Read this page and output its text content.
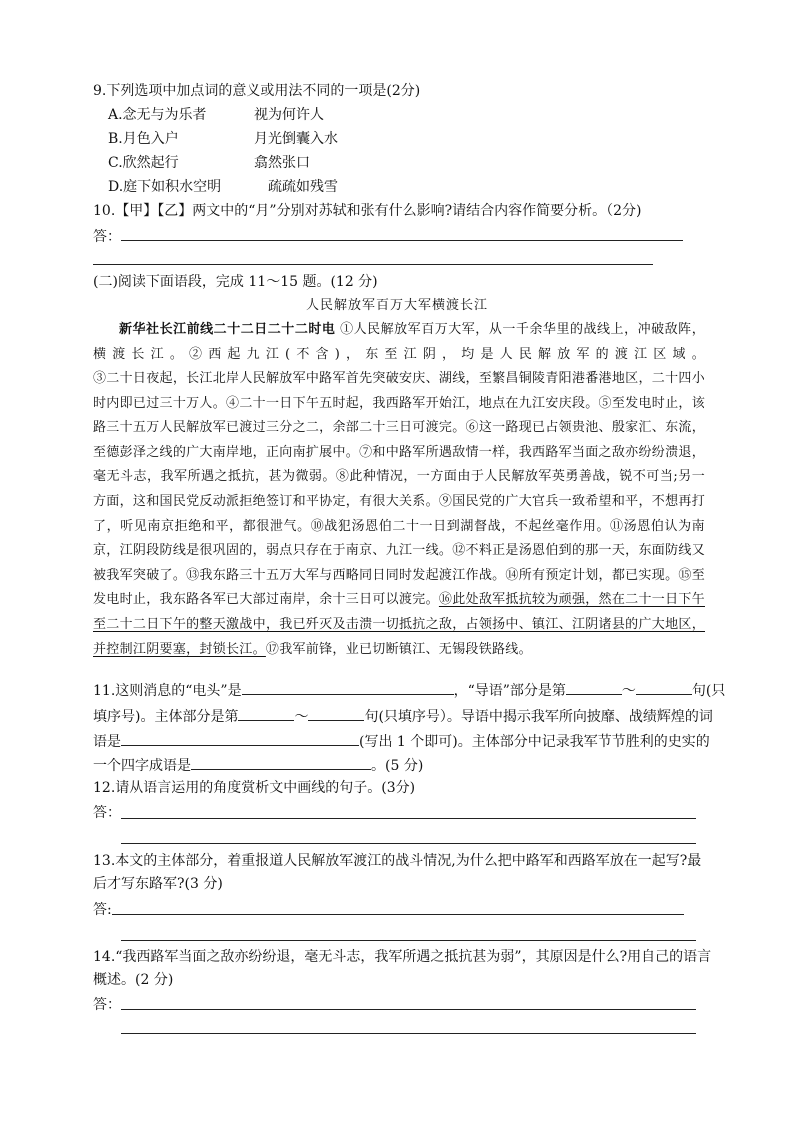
9.下列选项中加点词的意义或用法不同的一项是(2分)
A.念无与为乐者	视为何许人
B.月色入户	月光倒囊入水
C.欣然起行	翕然张口
D.庭下如积水空明	疏疏如残雪
10.【甲】【乙】两文中的“月”分别对苏轼和张有什么影响?请结合内容作简要分析。（2分)
答：
(二)阅读下面语段，完成 11～15 题。(12 分)
人民解放军百万大军横渡长江
新华社长江前线二十二日二十二时电 ①人民解放军百万大军，从一千余华里的战线上，冲破敌阵，横渡长江。②西起九江(不含)，东至江阴，均是人民解放军的渡江区域。
③二十日夜起，长江北岸人民解放军中路军首先突破安庆、湖线，至繁昌铜陵青阳港番港地区，二十四小时内即已过三十万人。④二十一日下午五时起，我西路军开始江，地点在九江安庆段。⑤至发电时止，该路三十五万人民解放军已渡过三分之二，余部二十三日可渡完。⑥这一路现已占领贵池、殷家汇、东流，至德彭泽之线的广大南岸地，正向南扩展中。⑦和中路军所遇敌情一样，我西路军当面之敌亦纷纷溃退，毫无斗志，我军所遇之抵抗，甚为微弱。⑧此种情况，一方面由于人民解放军英勇善战，锐不可当;另一方面，这和国民党反动派拒绝签订和平协定，有很大关系。⑨国民党的广大官兵一致希望和平，不想再打了，听见南京拒绝和平，都很泄气。⑩战犯汤恩伯二十一日到湖督战，不起丝毫作用。⑪汤恩伯认为南京，江阴段防线是很巩固的，弱点只存在于南京、九江一线。⑫不料正是汤恩伯到的那一天，东面防线又被我军突破了。⑬我东路三十五万大军与西略同日同时发起渡江作战。⑭所有预定计划，都已实现。⑮至发电时止，我东路各军已大部过南岸，余十三日可以渡完。⑯此处敌军抵抗较为顽强，然在二十一日下午至二十二日下午的整天激战中，我已歼灭及击溃一切抵抗之敌，占领扬中、镇江、江阴诸县的广大地区，并控制江阴要塞，封锁长江。⑰我军前锋，业已切断镇江、无锡段铁路线。
11.这则消息的“电头”是	，“导语”部分是第	～	句(只
填序号)。主体部分是第	～	句(只填序号）。导语中揭示我军所向披靡、战绩辉煌的词
语是	(写出 1 个即可)。主体部分中记录我军节节胜利的史实的
一个四字成语是	。(5 分)
12.请从语言运用的角度赏析文中画线的句子。(3分)
答：
13.本文的主体部分，着重报道人民解放军渡江的战斗情况,为什么把中路军和西路军放在一起写?最
后才写东路军?(3 分)
答:
14.“我西路军当面之敌亦纷纷退，毫无斗志，我军所遇之抵抗甚为弱”，其原因是什么?用自己的语言
概述。(2 分)
答：
